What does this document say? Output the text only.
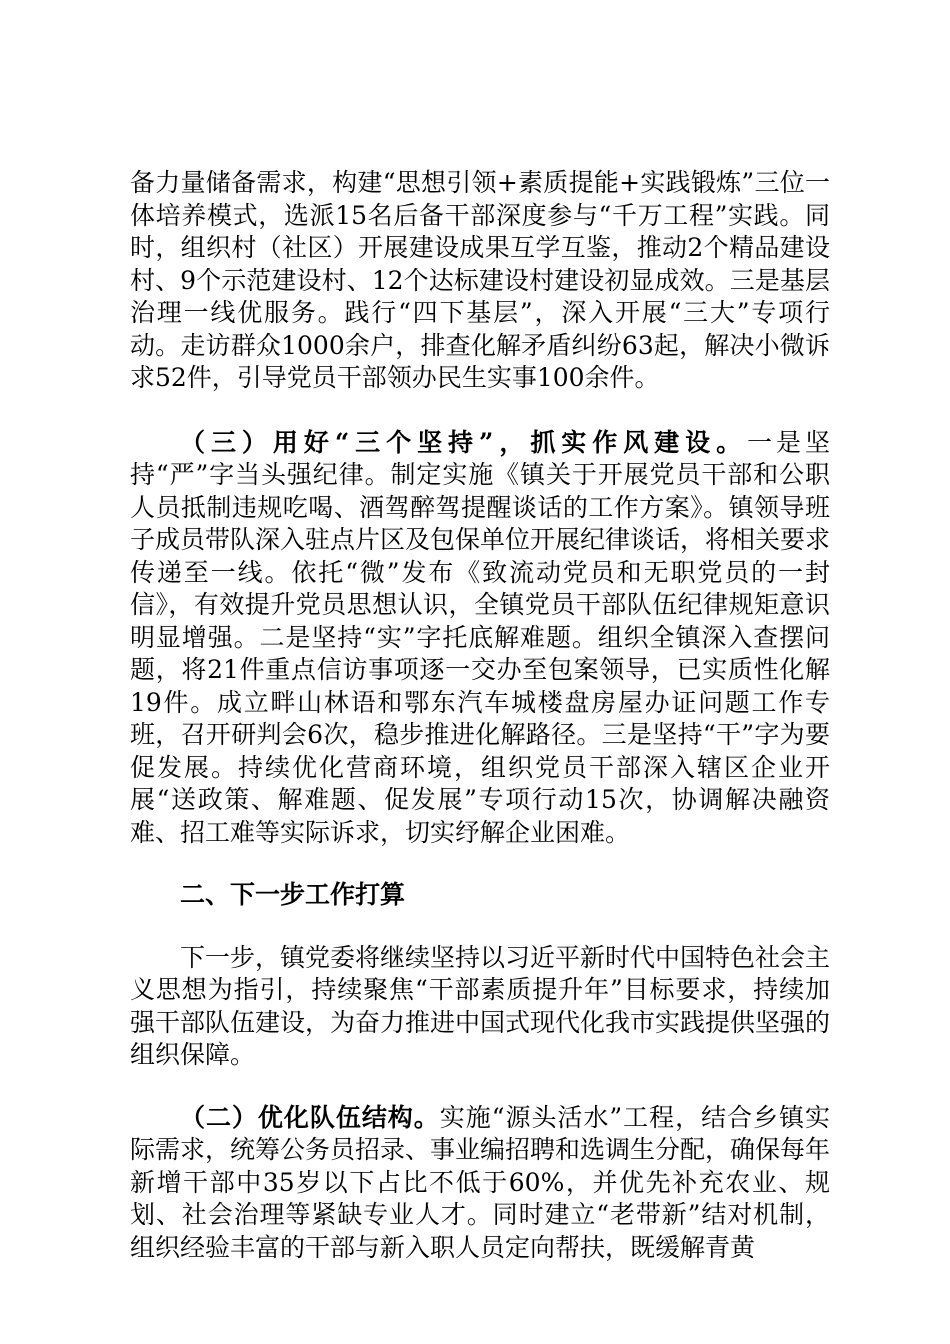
备力量储备需求，构建“思想引领+素质提能+实践锻炼”三位一体培养模式，选派15名后备干部深度参与“千万工程”实践。同时，组织村（社区）开展建设成果互学互鉴，推动2个精品建设村、9个示范建设村、12个达标建设村建设初显成效。三是基层治理一线优服务。践行“四下基层”，深入开展“三大”专项行动。走访群众1000余户，排查化解矛盾纠纷63起，解决小微诉求52件，引导党员干部领办民生实事100余件。

（三）用好“三个坚持”，抓实作风建设。一是坚持“严”字当头强纪律。制定实施《镇关于开展党员干部和公职人员抵制违规吃喝、酒驾醉驾提醒谈话的工作方案》。镇领导班子成员带队深入驻点片区及包保单位开展纪律谈话，将相关要求传递至一线。依托“微”发布《致流动党员和无职党员的一封信》，有效提升党员思想认识，全镇党员干部队伍纪律规矩意识明显增强。二是坚持“实”字托底解难题。组织全镇深入查摆问题，将21件重点信访事项逐一交办至包案领导，已实质性化解19件。成立畔山林语和鄂东汽车城楼盘房屋办证问题工作专班，召开研判会6次，稳步推进化解路径。三是坚持“干”字为要促发展。持续优化营商环境，组织党员干部深入辖区企业开展“送政策、解难题、促发展”专项行动15次，协调解决融资难、招工难等实际诉求，切实纾解企业困难。

二、下一步工作打算

下一步，镇党委将继续坚持以习近平新时代中国特色社会主义思想为指引，持续聚焦“干部素质提升年”目标要求，持续加强干部队伍建设，为奋力推进中国式现代化我市实践提供坚强的组织保障。

（二）优化队伍结构。实施“源头活水”工程，结合乡镇实际需求，统筹公务员招录、事业编招聘和选调生分配，确保每年新增干部中35岁以下占比不低于60%，并优先补充农业、规划、社会治理等紧缺专业人才。同时建立“老带新”结对机制，组织经验丰富的干部与新入职人员定向帮扶，既缓解青黄
